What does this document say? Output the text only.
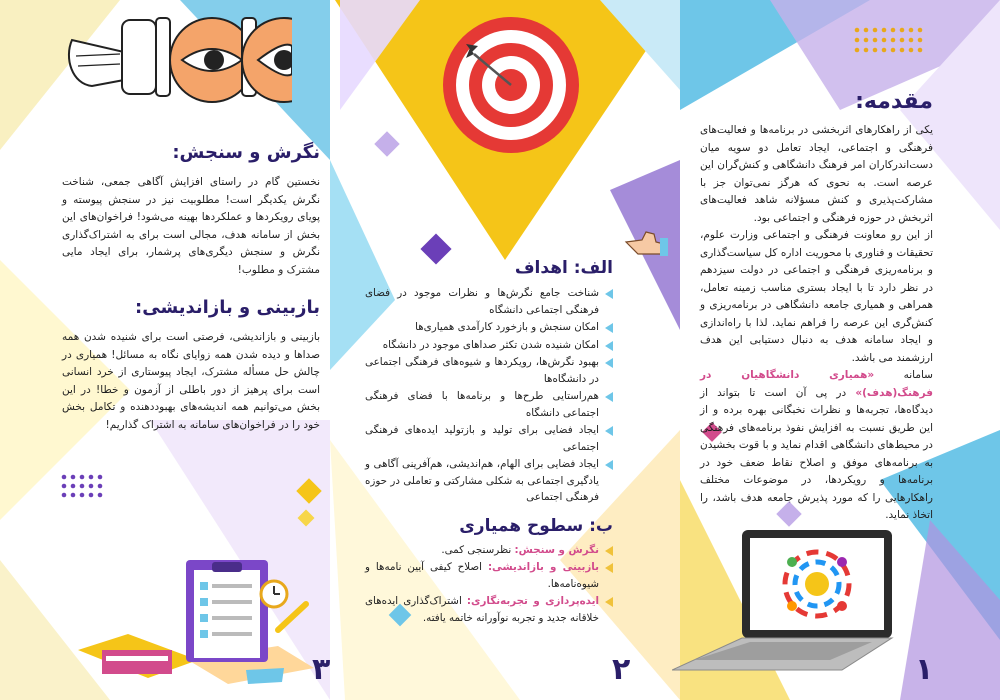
مقدمه:

یکی از راهکارهای اثربخشی در برنامه‌ها و فعالیت‌های فرهنگی و اجتماعی، ایجاد تعامل دو سویه میان دست‌اندرکاران امر فرهنگ دانشگاهی و کنش‌گران این عرصه است. به نحوی که هرگز نمی‌توان جز با مشارکت‌پذیری و کنش مسؤلانه شاهد فعالیت‌های اثربخش در حوزه فرهنگی و اجتماعی بود.

از این رو معاونت فرهنگی و اجتماعی وزارت علوم، تحقیقات و فناوری با محوریت اداره کل سیاست‌گذاری و برنامه‌ریزی فرهنگی و اجتماعی در دولت سیزدهم در نظر دارد تا با ایجاد بستری مناسب زمینه تعامل، همراهی و همیاری جامعه دانشگاهی در برنامه‌ریزی و کنش‌گری این عرصه را فراهم نماید. لذا با راه‌اندازی و ایجاد سامانه هدف به دنبال دستیابی این هدف ارزشمند می باشد.

سامانه «همیاری دانشگاهیان در فرهنگ(هدف)» در پی آن است تا بتواند از دیدگاه‌ها، تجربه‌ها و نظرات نخبگانی بهره برده و از این طریق نسبت به افزایش نفوذ برنامه‌های فرهنگی در محیط‌های دانشگاهی اقدام نماید و با قوت بخشیدن به برنامه‌های موفق و اصلاح نقاط ضعف خود در برنامه‌ها و رویکردها، در موضوعات مختلف راهکارهایی را که مورد پذیرش جامعه هدف باشد، را اتخاذ نماید.

۱
الف: اهداف
شناخت جامع نگرش‌ها و نظرات موجود در فضای فرهنگی اجتماعی دانشگاه
امکان سنجش و بازخورد کارآمدی همیاری‌ها
امکان شنیده شدن تکثر صداهای موجود در دانشگاه
بهبود نگرش‌ها، رویکردها و شیوه‌های فرهنگی اجتماعی در دانشگاه‌ها
هم‌راستایی طرح‌ها و برنامه‌ها با فضای فرهنگی اجتماعی دانشگاه
ایجاد فضایی برای تولید و بازتولید ایده‌های فرهنگی اجتماعی
ایجاد فضایی برای الهام، هم‌اندیشی، هم‌آفرینی آگاهی و یادگیری اجتماعی به شکلی مشارکتی و تعاملی در حوزه فرهنگی اجتماعی
ب: سطوح همیاری
نگرش و سنجش: نظرسنجی کمی.
بازبینی و بازاندیشی: اصلاح کیفی آیین نامه‌ها و شیوه‌نامه‌ها.
ایده‌پردازی و تجربه‌نگاری: اشتراک‌گذاری ایده‌های خلاقانه جدید و تجربه نوآورانه خاتمه یافته.
۲
نگرش و سنجش:

نخستین گام در راستای افزایش آگاهی جمعی، شناخت نگرش یکدیگر است! مطلوبیت نیز در سنجش پیوسته و پویای رویکردها و عملکردها بهینه می‌شود! فراخوان‌های این بخش از سامانه هدف، مجالی است برای به اشتراک‌گذاری نگرش و سنجش دیگری‌های پرشمار، برای ایجاد مایی مشترک و مطلوب!

بازبینی و بازاندیشی:

بازبینی و بازاندیشی، فرصتی است برای شنیده شدن همه صداها و دیده شدن همه زوایای نگاه به مسائل! همیاری در چالش حل مسأله مشترک، ایجاد پیوستاری از خرد انسانی است برای پرهیز از دور باطلی از آزمون و خطا! در این بخش می‌توانیم همه اندیشه‌های بهبوددهنده و تکامل بخش خود را در فراخوان‌های سامانه به اشتراک گذاریم!

۳
